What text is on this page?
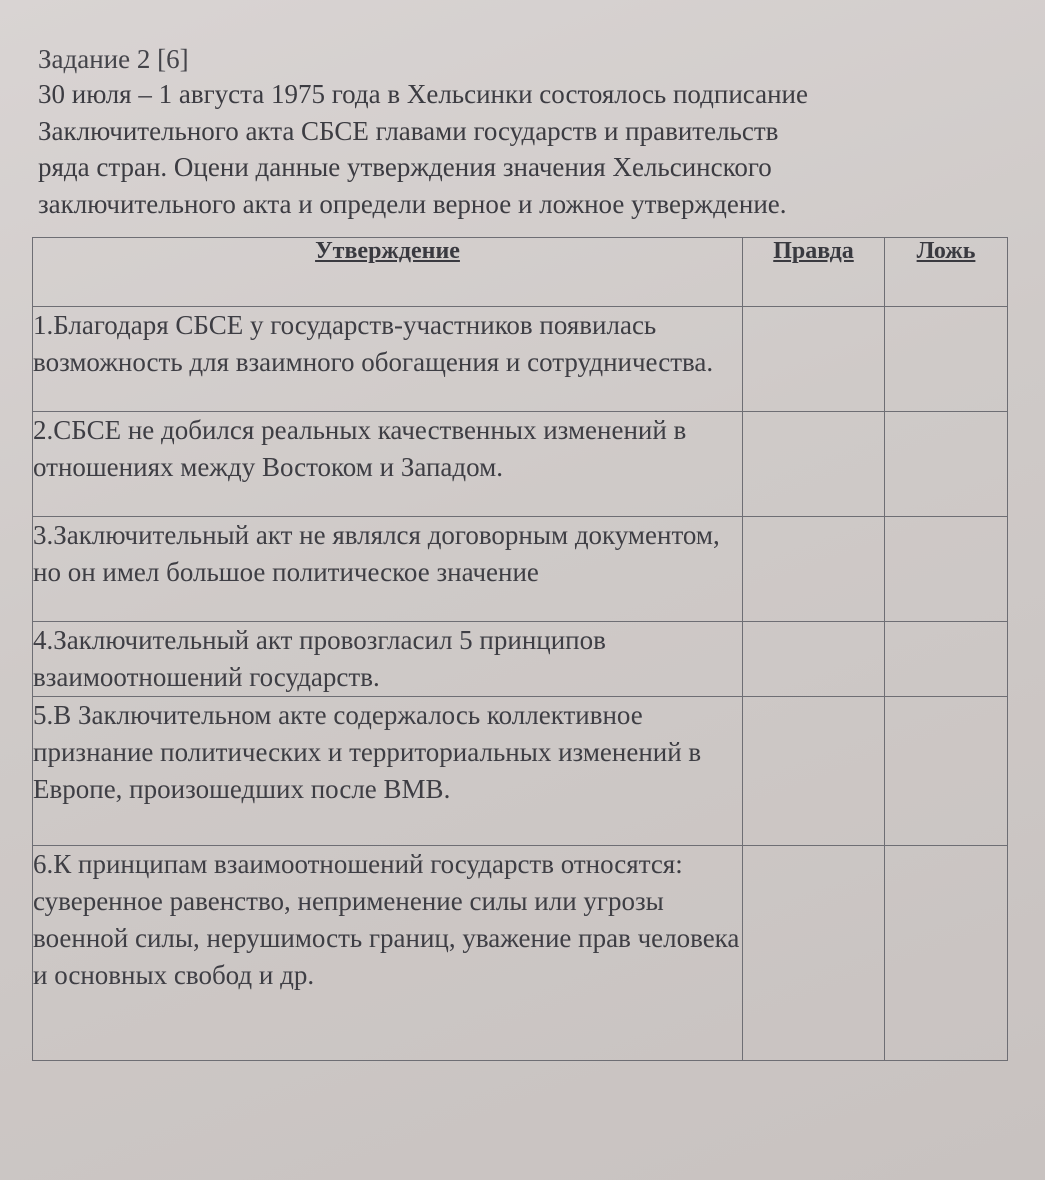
Задание 2 [6]
30 июля – 1 августа 1975 года в Хельсинки состоялось подписание
Заключительного акта СБСЕ главами государств и правительств
ряда стран. Оцени данные утверждения значения Хельсинского
заключительного акта и определи верное и ложное утверждение.
Утверждение	Правда	Ложь
1.Благодаря СБСЕ у государств-участников появилась возможность для взаимного обогащения и сотрудничества.		
2.СБСЕ не добился реальных качественных изменений в отношениях между Востоком и Западом.		
3.Заключительный акт не являлся договорным документом, но он имел большое политическое значение		
4.Заключительный акт провозгласил 5 принципов взаимоотношений государств.		
5.В Заключительном акте содержалось коллективное признание политических и территориальных изменений в Европе, произошедших после ВМВ.		
6.К принципам взаимоотношений государств относятся: суверенное равенство, неприменение силы или угрозы военной силы, нерушимость границ, уважение прав человека и основных свобод и др.		
